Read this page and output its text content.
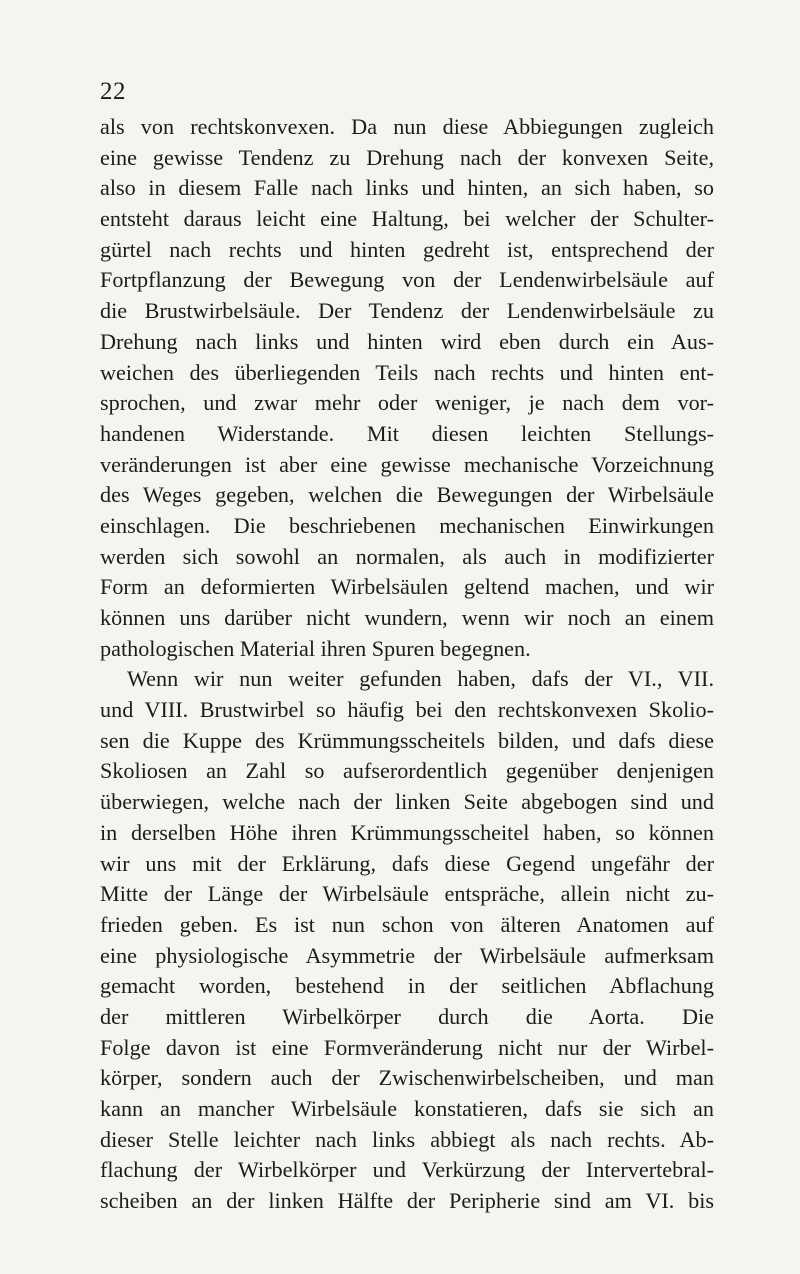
22
als von rechtskonvexen. Da nun diese Abbiegungen zugleich
eine gewisse Tendenz zu Drehung nach der konvexen Seite,
also in diesem Falle nach links und hinten, an sich haben, so
entsteht daraus leicht eine Haltung, bei welcher der Schulter-
gürtel nach rechts und hinten gedreht ist, entsprechend der
Fortpflanzung der Bewegung von der Lendenwirbelsäule auf
die Brustwirbelsäule. Der Tendenz der Lendenwirbelsäule zu
Drehung nach links und hinten wird eben durch ein Aus-
weichen des überliegenden Teils nach rechts und hinten ent-
sprochen, und zwar mehr oder weniger, je nach dem vor-
handenen Widerstande. Mit diesen leichten Stellungs-
veränderungen ist aber eine gewisse mechanische Vorzeichnung
des Weges gegeben, welchen die Bewegungen der Wirbelsäule
einschlagen. Die beschriebenen mechanischen Einwirkungen
werden sich sowohl an normalen, als auch in modifizierter
Form an deformierten Wirbelsäulen geltend machen, und wir
können uns darüber nicht wundern, wenn wir noch an einem
pathologischen Material ihren Spuren begegnen.
Wenn wir nun weiter gefunden haben, dafs der VI., VII.
und VIII. Brustwirbel so häufig bei den rechtskonvexen Skolio-
sen die Kuppe des Krümmungsscheitels bilden, und dafs diese
Skoliosen an Zahl so aufserordentlich gegenüber denjenigen
überwiegen, welche nach der linken Seite abgebogen sind und
in derselben Höhe ihren Krümmungsscheitel haben, so können
wir uns mit der Erklärung, dafs diese Gegend ungefähr der
Mitte der Länge der Wirbelsäule entspräche, allein nicht zu-
frieden geben. Es ist nun schon von älteren Anatomen auf
eine physiologische Asymmetrie der Wirbelsäule aufmerksam
gemacht worden, bestehend in der seitlichen Abflachung
der mittleren Wirbelkörper durch die Aorta. Die
Folge davon ist eine Formveränderung nicht nur der Wirbel-
körper, sondern auch der Zwischenwirbelscheiben, und man
kann an mancher Wirbelsäule konstatieren, dafs sie sich an
dieser Stelle leichter nach links abbiegt als nach rechts. Ab-
flachung der Wirbelkörper und Verkürzung der Intervertebral-
scheiben an der linken Hälfte der Peripherie sind am VI. bis
